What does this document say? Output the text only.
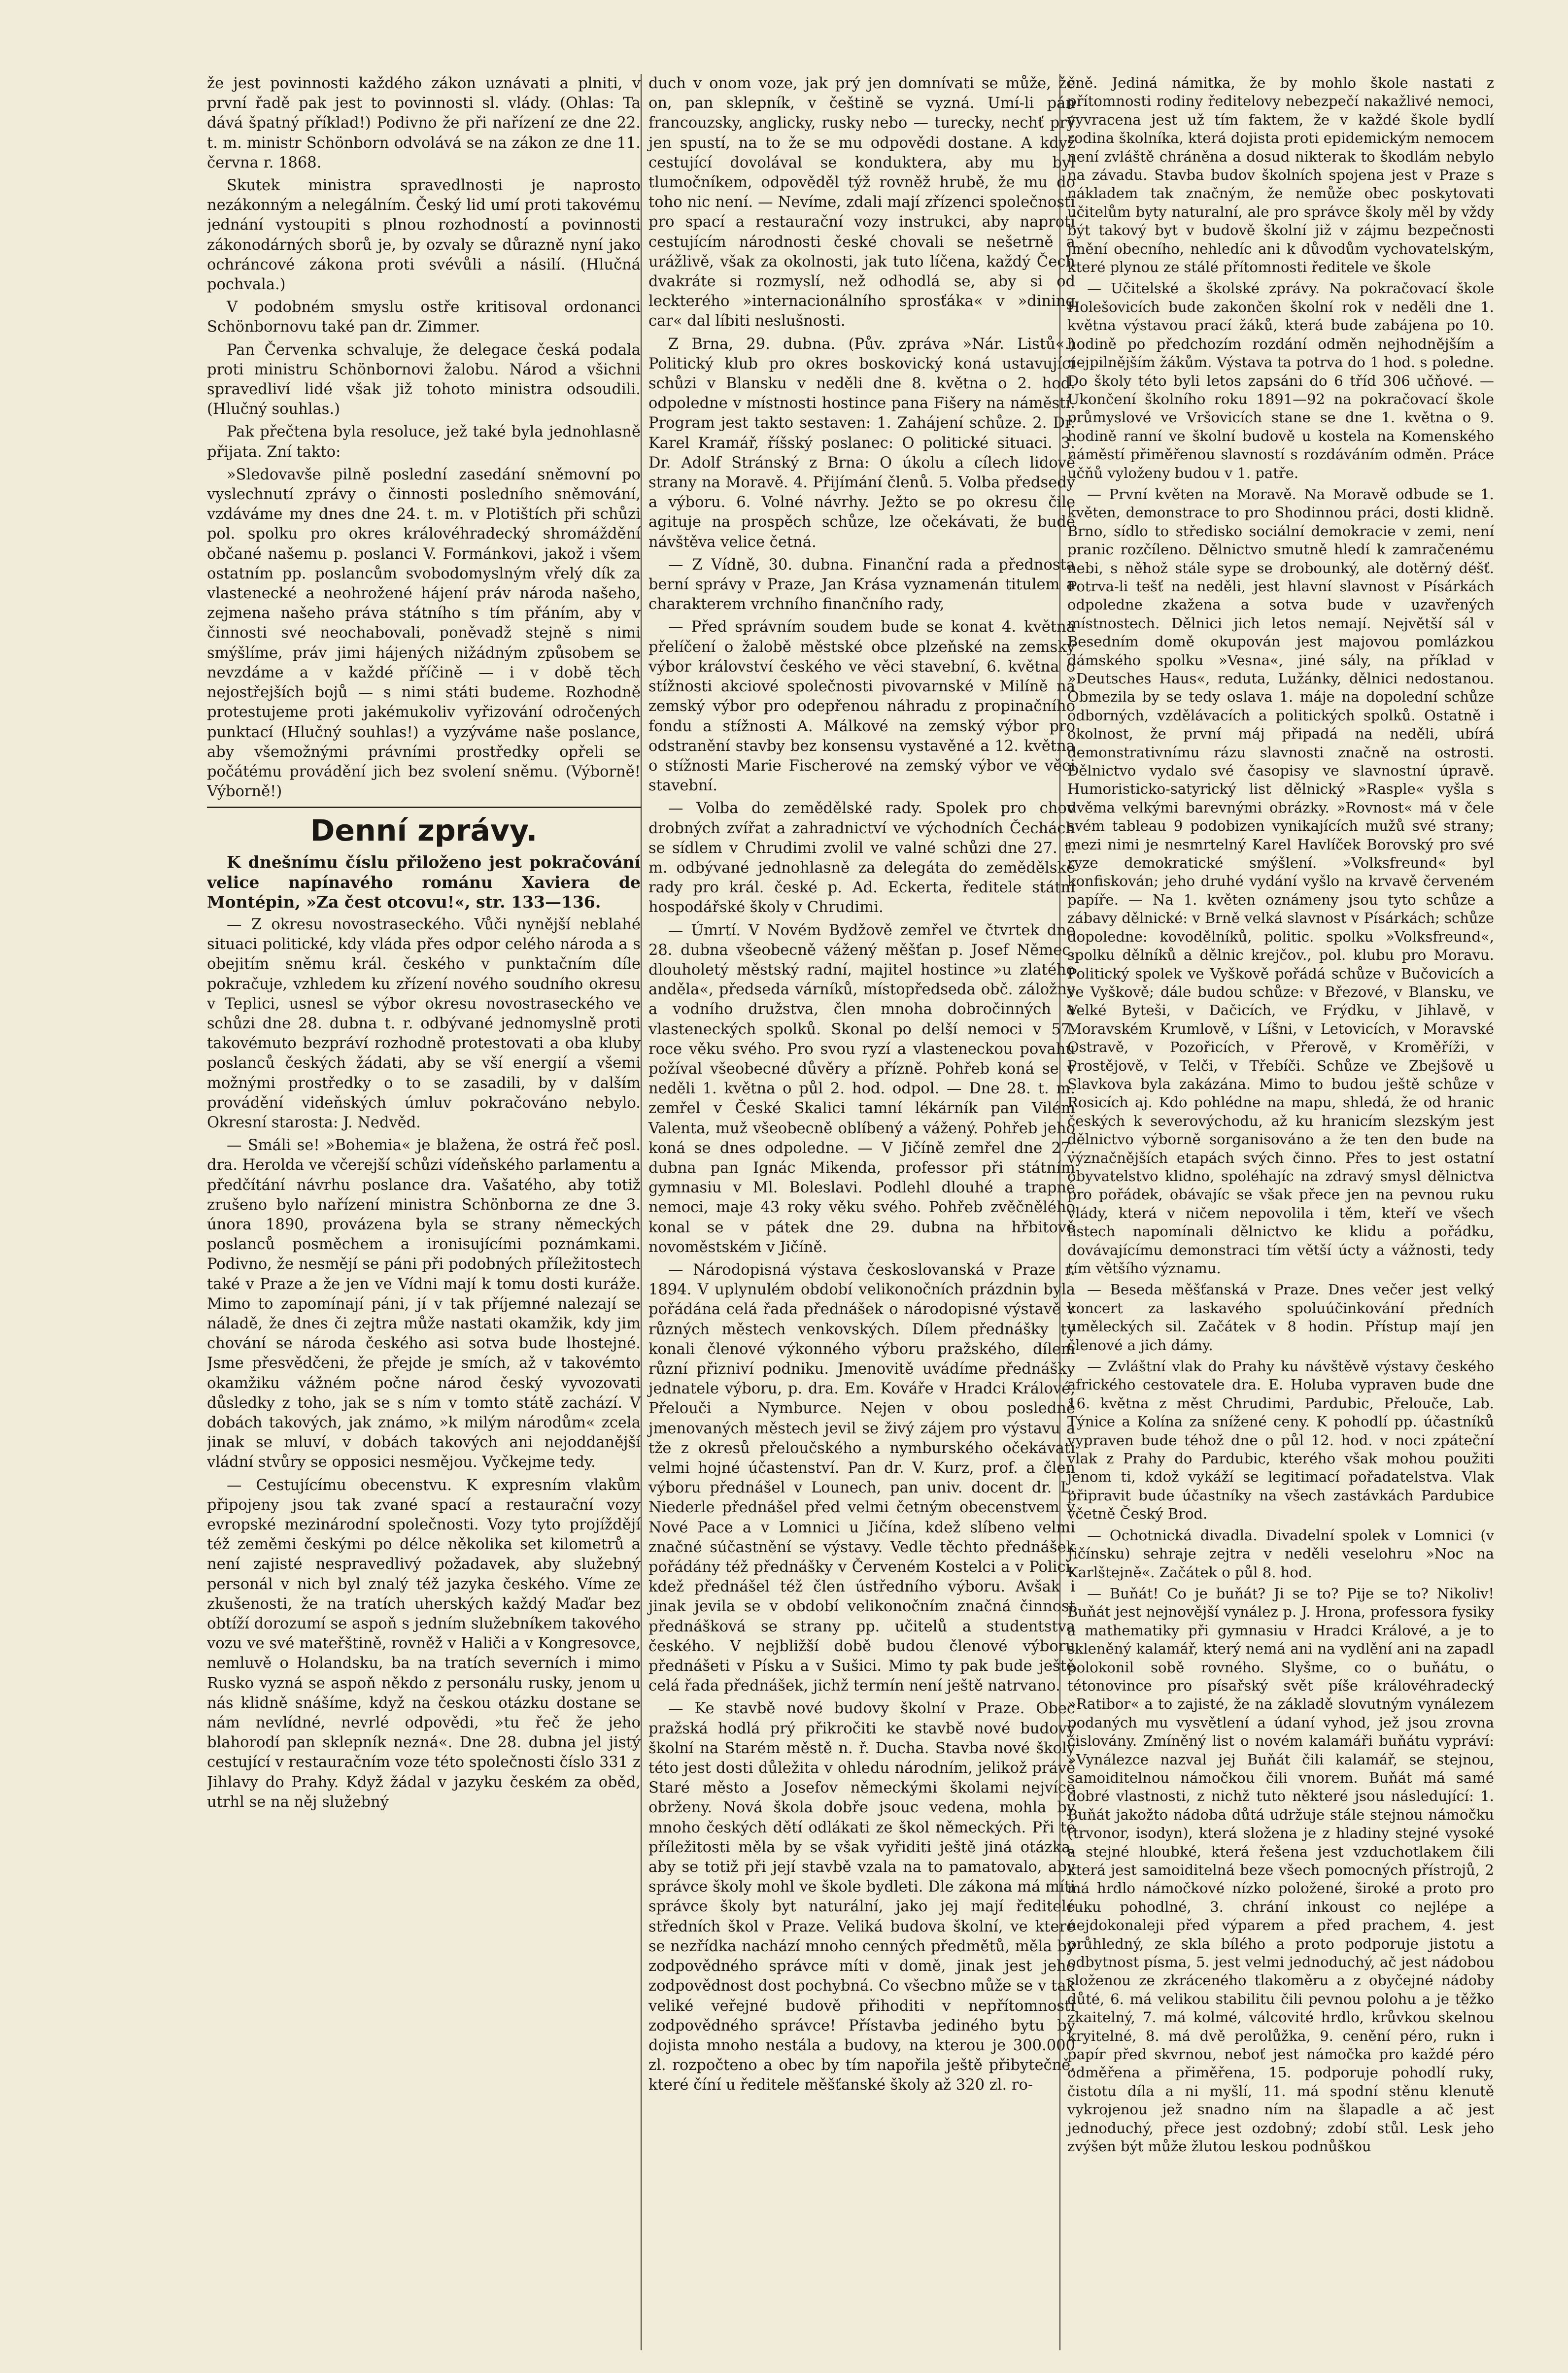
že jest povinnosti každého zákon uznávati a plniti, v první řadě pak jest to povinnosti sl. vlády. (Ohlas: Ta dává špatný příklad!) Podivno že při nařízení ze dne 22. t. m. ministr Schönborn odvolává se na zákon ze dne 11. června r. 1868.

Skutek ministra spravedlnosti je naprosto nezákonným a nelegálním. Český lid umí proti takovému jednání vystoupiti s plnou rozhodností a povinnosti zákonodárných sborů je, by ozvaly se důrazně nyní jako ochráncové zákona proti svévůli a násilí. (Hlučná pochvala.)

V podobném smyslu ostře kritisoval ordonanci Schönbornovu také pan dr. Zimmer.

Pan Červenka schvaluje, že delegace česká podala proti ministru Schönbornovi žalobu. Národ a všichni spravedliví lidé však již tohoto ministra odsoudili. (Hlučný souhlas.)

Pak přečtena byla resoluce, jež také byla jednohlasně přijata. Zní takto:

»Sledovavše pilně poslední zasedání sněmovní po vyslechnutí zprávy o činnosti posledního sněmování, vzdáváme my dnes dne 24. t. m. v Plotištích při schůzi pol. spolku pro okres královéhradecký shromáždění občané našemu p. poslanci V. Formánkovi, jakož i všem ostatním pp. poslancům svobodomyslným vřelý dík za vlastenecké a neohrožené hájení práv národa našeho, zejmena našeho práva státního s tím přáním, aby v činnosti své neochabovali, poněvadž stejně s nimi smýšlíme, práv jimi hájených nižádným způsobem se nevzdáme a v každé příčině — i v době těch nejostřejších bojů — s nimi státi budeme. Rozhodně protestujeme proti jakémukoliv vyřizování odročených punktací (Hlučný souhlas!) a vyzýváme naše poslance, aby všemožnými právními prostředky opřeli se počátému provádění jich bez svolení sněmu. (Výborně! Výborně!)

Denní zprávy.

K dnešnímu číslu přiloženo jest pokračování velice napínavého románu Xaviera de Montépin, »Za čest otcovu!«, str. 133—136.

— Z okresu novostraseckého. Vůči nynější neblahé situaci politické, kdy vláda přes odpor celého národa a s obejitím sněmu král. českého v punktačním díle pokračuje, vzhledem ku zřízení nového soudního okresu v Teplici, usnesl se výbor okresu novostraseckého ve schůzi dne 28. dubna t. r. odbývané jednomyslně proti takovémuto bezpráví rozhodně protestovati a oba kluby poslanců českých žádati, aby se vší energií a všemi možnými prostředky o to se zasadili, by v dalším provádění videňských úmluv pokračováno nebylo. Okresní starosta: J. Nedvěd.

— Smáli se! »Bohemia« je blažena, že ostrá řeč posl. dra. Herolda ve včerejší schůzi vídeňského parlamentu a předčítání návrhu poslance dra. Vašatého, aby totiž zrušeno bylo nařízení ministra Schönborna ze dne 3. února 1890, provázena byla se strany německých poslanců posměchem a ironisujícími poznámkami. Podivno, že nesmějí se páni při podobných příležitostech také v Praze a že jen ve Vídni mají k tomu dosti kuráže. Mimo to zapomínají páni, jí v tak příjemné nalezají se náladě, že dnes či zejtra může nastati okamžik, kdy jim chování se národa českého asi sotva bude lhostejné. Jsme přesvědčeni, že přejde je smích, až v takovémto okamžiku vážném počne národ český vyvozovati důsledky z toho, jak se s ním v tomto státě zachází. V dobách takových, jak známo, »k milým národům« zcela jinak se mluví, v dobách takových ani nejoddanější vládní stvůry se opposici nesmějou. Vyčkejme tedy.

— Cestujícímu obecenstvu. K expresním vlakům připojeny jsou tak zvané spací a restaurační vozy evropské mezinárodní společnosti. Vozy tyto projíždějí též zeměmi českými po délce několika set kilometrů a není zajisté nespravedlivý požadavek, aby služebný personál v nich byl znalý též jazyka českého. Víme ze zkušenosti, že na tratích uherských každý Maďar bez obtíží dorozumí se aspoň s jedním služebníkem takového vozu ve své mateřštině, rovněž v Haliči a v Kongresovce, nemluvě o Holandsku, ba na tratích severních i mimo Rusko vyzná se aspoň někdo z personálu rusky, jenom u nás klidně snášíme, když na českou otázku dostane se nám nevlídné, nevrlé odpovědi, »tu řeč že jeho blahorodí pan sklepník nezná«. Dne 28. dubna jel jistý cestující v restauračním voze této společnosti číslo 331 z Jihlavy do Prahy. Když žádal v jazyku českém za oběd, utrhl se na něj služebný

duch v onom voze, jak prý jen domnívati se může, že on, pan sklepník, v češtině se vyzná. Umí-li pán francouzsky, anglicky, rusky nebo — turecky, nechť prý jen spustí, na to že se mu odpovědi dostane. A když cestující dovolával se konduktera, aby mu byl tlumočníkem, odpověděl týž rovněž hrubě, že mu do toho nic není. — Nevíme, zdali mají zřízenci společnosti pro spací a restaurační vozy instrukci, aby naproti cestujícím národnosti české chovali se nešetrně a urážlivě, však za okolnosti, jak tuto líčena, každý Čech dvakráte si rozmyslí, než odhodlá se, aby si od leckterého »internacionálního sprosťáka« v »dining car« dal líbiti neslušnosti.

Z Brna, 29. dubna. (Pův. zpráva »Nár. Listů«.) Politický klub pro okres boskovický koná ustavující schůzi v Blansku v neděli dne 8. května o 2. hod. odpoledne v místnosti hostince pana Fišery na náměstí. Program jest takto sestaven: 1. Zahájení schůze. 2. Dr. Karel Kramář, říšský poslanec: O politické situaci. 3. Dr. Adolf Stránský z Brna: O úkolu a cílech lidové strany na Moravě. 4. Přijímání členů. 5. Volba předsedy a výboru. 6. Volné návrhy. Ježto se po okresu čile agituje na prospěch schůze, lze očekávati, že bude návštěva velice četná.

— Z Vídně, 30. dubna. Finanční rada a přednosta berní správy v Praze, Jan Krása vyznamenán titulem a charakterem vrchního finančního rady,

— Před správním soudem bude se konat 4. května přelíčení o žalobě městské obce plzeňské na zemský výbor království českého ve věci stavební, 6. května o stížnosti akciové společnosti pivovarnské v Milíně na zemský výbor pro odepřenou náhradu z propinačního fondu a stížnosti A. Málkové na zemský výbor pro odstranění stavby bez konsensu vystavěné a 12. května o stížnosti Marie Fischerové na zemský výbor ve věci stavební.

— Volba do zemědělské rady. Spolek pro chov drobných zvířat a zahradnictví ve východních Čechách se sídlem v Chrudimi zvolil ve valné schůzi dne 27. t. m. odbývané jednohlasně za delegáta do zemědělské rady pro král. české p. Ad. Eckerta, ředitele státní hospodářské školy v Chrudimi.

— Úmrtí. V Novém Bydžově zemřel ve čtvrtek dne 28. dubna všeobecně vážený měšťan p. Josef Němec, dlouholetý městský radní, majitel hostince »u zlatého anděla«, předseda várníků, místopředseda obč. záložny a vodního družstva, člen mnoha dobročinných a vlasteneckých spolků. Skonal po delší nemoci v 57. roce věku svého. Pro svou ryzí a vlasteneckou povahu požíval všeobecné důvěry a přízně. Pohřeb koná se v neděli 1. května o půl 2. hod. odpol. — Dne 28. t. m. zemřel v České Skalici tamní lékárník pan Vilém Valenta, muž všeobecně oblíbený a vážený. Pohřeb jeho koná se dnes odpoledne. — V Jičíně zemřel dne 27. dubna pan Ignác Mikenda, professor při státním gymnasiu v Ml. Boleslavi. Podlehl dlouhé a trapné nemoci, maje 43 roky věku svého. Pohřeb zvěčnělého konal se v pátek dne 29. dubna na hřbitově novoměstském v Jičíně.

— Národopisná výstava českoslovanská v Praze r. 1894. V uplynulém období velikonočních prázdnin byla pořádána celá řada přednášek o národopisné výstavě v různých městech venkovských. Dílem přednášky ty konali členové výkonného výboru pražského, dílem různí přizniví podniku. Jmenovitě uvádíme přednášky jednatele výboru, p. dra. Em. Kováře v Hradci Králové, Přelouči a Nymburce. Nejen v obou posledně jmenovaných městech jevil se živý zájem pro výstavu a tže z okresů přeloučského a nymburského očekávati velmi hojné účastenství. Pan dr. V. Kurz, prof. a člen výboru přednášel v Lounech, pan univ. docent dr. L. Niederle přednášel před velmi četným obecenstvem v Nové Pace a v Lomnici u Jičína, kdež slíbeno velmi značné súčastnění se výstavy. Vedle těchto přednášek pořádány též přednášky v Červeném Kostelci a v Polici, kdež přednášel též člen ústředního výboru. Avšak i jinak jevila se v období velikonočním značná činnost přednášková se strany pp. učitelů a studentstva českého. V nejbližší době budou členové výboru přednášeti v Písku a v Sušici. Mimo ty pak bude ještě celá řada přednášek, jichž termín není ještě natrvano.

— Ke stavbě nové budovy školní v Praze. Obec pražská hodlá prý přikročiti ke stavbě nové budovy školní na Starém městě n. ř. Ducha. Stavba nové školy této jest dosti důležita v ohledu národním, jelikož právě Staré město a Josefov německými školami nejvíce obrženy. Nová škola dobře jsouc vedena, mohla by mnoho českých dětí odlákati ze škol německých. Při té příležitosti měla by se však vyřiditi ještě jiná otázka, aby se totiž při její stavbě vzala na to pamatovalo, aby správce školy mohl ve škole bydleti. Dle zákona má míti správce školy byt naturální, jako jej mají ředitelé středních škol v Praze. Veliká budova školní, ve které se nezřídka nachází mnoho cenných předmětů, měla by zodpovědného správce míti v domě, jinak jest jeho zodpovědnost dost pochybná. Co všecbno může se v tak veliké veřejné budově přihoditi v nepřítomnosti zodpovědného správce! Přístavba jediného bytu by dojista mnoho nestála a budovy, na kterou je 300.000 zl. rozpočteno a obec by tím napořila ještě přibytečně, které číní u ředitele měšťanské školy až 320 zl. ro-

čně. Jediná námitka, že by mohlo škole nastati z přítomnosti rodiny ředitelovy nebezpečí nakažlivé nemoci, vyvracena jest už tím faktem, že v každé škole bydlí rodina školníka, která dojista proti epidemickým nemocem není zvláště chráněna a dosud nikterak to škodlám nebylo na závadu. Stavba budov školních spojena jest v Praze s nákladem tak značným, že nemůže obec poskytovati učitelům byty naturalní, ale pro správce školy měl by vždy být takový byt v budově školní již v zájmu bezpečnosti jmění obecního, nehledíc ani k důvodům vychovatelským, které plynou ze stálé přítomnosti ředitele ve škole

— Učitelské a školské zprávy. Na pokračovací škole Holešovicích bude zakončen školní rok v neděli dne 1. května výstavou prací žáků, která bude zabájena po 10. hodině po předchozím rozdání odměn nejhodnějším a nejpilnějším žákům. Výstava ta potrva do 1 hod. s poledne. Do školy této byli letos zapsáni do 6 tříd 306 učňové. — Ukončení školního roku 1891—92 na pokračovací škole průmyslové ve Vršovicích stane se dne 1. května o 9. hodině ranní ve školní budově u kostela na Komenského náměstí přiměřenou slavností s rozdáváním odměn. Práce učňů vyloženy budou v 1. patře.

— První květen na Moravě. Na Moravě odbude se 1. květen, demonstrace to pro Shodinnou práci, dosti klidně. Brno, sídlo to středisko sociální demokracie v zemi, není pranic rozčíleno. Dělnictvo smutně hledí k zamračenému nebi, s něhož stále sype se drobounký, ale dotěrný déšť. Potrva-li tešť na neděli, jest hlavní slavnost v Písárkách odpoledne zkažena a sotva bude v uzavřených místnostech. Dělnici jich letos nemají. Největší sál v Besedním domě okupován jest majovou pomlázkou dámského spolku »Vesna«, jiné sály, na příklad v »Deutsches Haus«, reduta, Lužánky, dělnici nedostanou. Obmezila by se tedy oslava 1. máje na dopolední schůze odborných, vzdělávacích a politických spolků. Ostatně i okolnost, že první máj připadá na neděli, ubírá demonstrativnímu rázu slavnosti značně na ostrosti. Dělnictvo vydalo své časopisy ve slavnostní úpravě. Humoristicko-satyrický list dělnický »Rasple« vyšla s dvěma velkými barevnými obrázky. »Rovnost« má v čele svém tableau 9 podobizen vynikajících mužů své strany; mezi nimi je nesmrtelný Karel Havlíček Borovský pro své ryze demokratické smýšlení. »Volksfreund« byl konfiskován; jeho druhé vydání vyšlo na krvavě červeném papíře. — Na 1. květen oznámeny jsou tyto schůze a zábavy dělnické: v Brně velká slavnost v Písárkách; schůze dopoledne: kovodělníků, politic. spolku »Volksfreund«, spolku dělníků a dělnic krejčov., pol. klubu pro Moravu. Politický spolek ve Vyškově pořádá schůze v Bučovicích a ve Vyškově; dále budou schůze: v Březové, v Blansku, ve Velké Byteši, v Dačicích, ve Frýdku, v Jihlavě, v Moravském Krumlově, v Líšni, v Letovicích, v Moravské Ostravě, v Pozořicích, v Přerově, v Kroměříži, v Prostějově, v Telči, v Třebíči. Schůze ve Zbejšově u Slavkova byla zakázána. Mimo to budou ještě schůze v Rosicích aj. Kdo pohlédne na mapu, shledá, že od hranic českých k severovýchodu, až ku hranicím slezským jest dělnictvo výborně sorganisováno a že ten den bude na význačnějších etapách svých činno. Přes to jest ostatní obyvatelstvo klidno, spoléhajíc na zdravý smysl dělnictva pro pořádek, obávajíc se však přece jen na pevnou ruku vlády, která v ničem nepovolila i těm, kteří ve všech listech napomínali dělnictvo ke klidu a pořádku, dovávajícímu demonstraci tím větší úcty a vážnosti, tedy tím většího významu.

— Beseda měšťanská v Praze. Dnes večer jest velký koncert za laskavého spoluúčinkování předních uměleckých sil. Začátek v 8 hodin. Přístup mají jen členové a jich dámy.

— Zvláštní vlak do Prahy ku návštěvě výstavy českého afrického cestovatele dra. E. Holuba vypraven bude dne 16. května z měst Chrudimi, Pardubic, Přelouče, Lab. Týnice a Kolína za snížené ceny. K pohodlí pp. účastníků vypraven bude téhož dne o půl 12. hod. v noci zpáteční vlak z Prahy do Pardubic, kterého však mohou použiti jenom ti, kdož vykáží se legitimací pořadatelstva. Vlak připravit bude účastníky na všech zastávkách Pardubice včetně Český Brod.

— Ochotnická divadla. Divadelní spolek v Lomnici (v Jičínsku) sehraje zejtra v neděli veselohru »Noc na Karlštejně«. Začátek o půl 8. hod.

— Buňát! Co je buňát? Ji se to? Pije se to? Nikoliv! Buňát jest nejnovější vynález p. J. Hrona, professora fysiky a mathematiky při gymnasiu v Hradci Králové, a je to skleněný kalamář, který nemá ani na vydlění ani na zapadl polokonil sobě rovného. Slyšme, co o buňátu, o tétonovince pro písařský svět píše královéhradecký »Ratibor« a to zajisté, že na základě slovutným vynálezem podaných mu vysvětlení a údaní vyhod, jež jsou zrovna čislovány. Zmíněný list o novém kalamáři buňátu vypráví: »Vynálezce nazval jej Buňát čili kalamář, se stejnou, samoiditelnou námočkou čili vnorem. Buňát má samé dobré vlastnosti, z nichž tuto některé jsou následující: 1. Buňát jakožto nádoba důtá udržuje stále stejnou námočku (trvonor, isodyn), která složena je z hladiny stejné vysoké a stejné hloubké, která řešena jest vzduchotlakem čili která jest samoiditelná beze všech pomocných přístrojů, 2 má hrdlo námočkové nízko položené, široké a proto pro ruku pohodlné, 3. chrání inkoust co nejlépe a nejdokonaleji před výparem a před prachem, 4. jest průhledný, ze skla bílého a proto podporuje jistotu a odbytnost písma, 5. jest velmi jednoduchý, ač jest nádobou složenou ze zkráceného tlakoměru a z obyčejné nádoby důté, 6. má velikou stabilitu čili pevnou polohu a je těžko zkaitelný, 7. má kolmé, válcovité hrdlo, krůvkou skelnou kryitelné, 8. má dvě perolůžka, 9. cenění péro, rukn i papír před skvrnou, neboť jest námočka pro každé péro odměřena a přiměřena, 15. podporuje pohodlí ruky, čistotu díla a ni myšlí, 11. má spodní stěnu klenutě vykrojenou jež snadno ním na šlapadle a ač jest jednoduchý, přece jest ozdobný; zdobí stůl. Lesk jeho zvýšen být může žlutou leskou podnůškou
